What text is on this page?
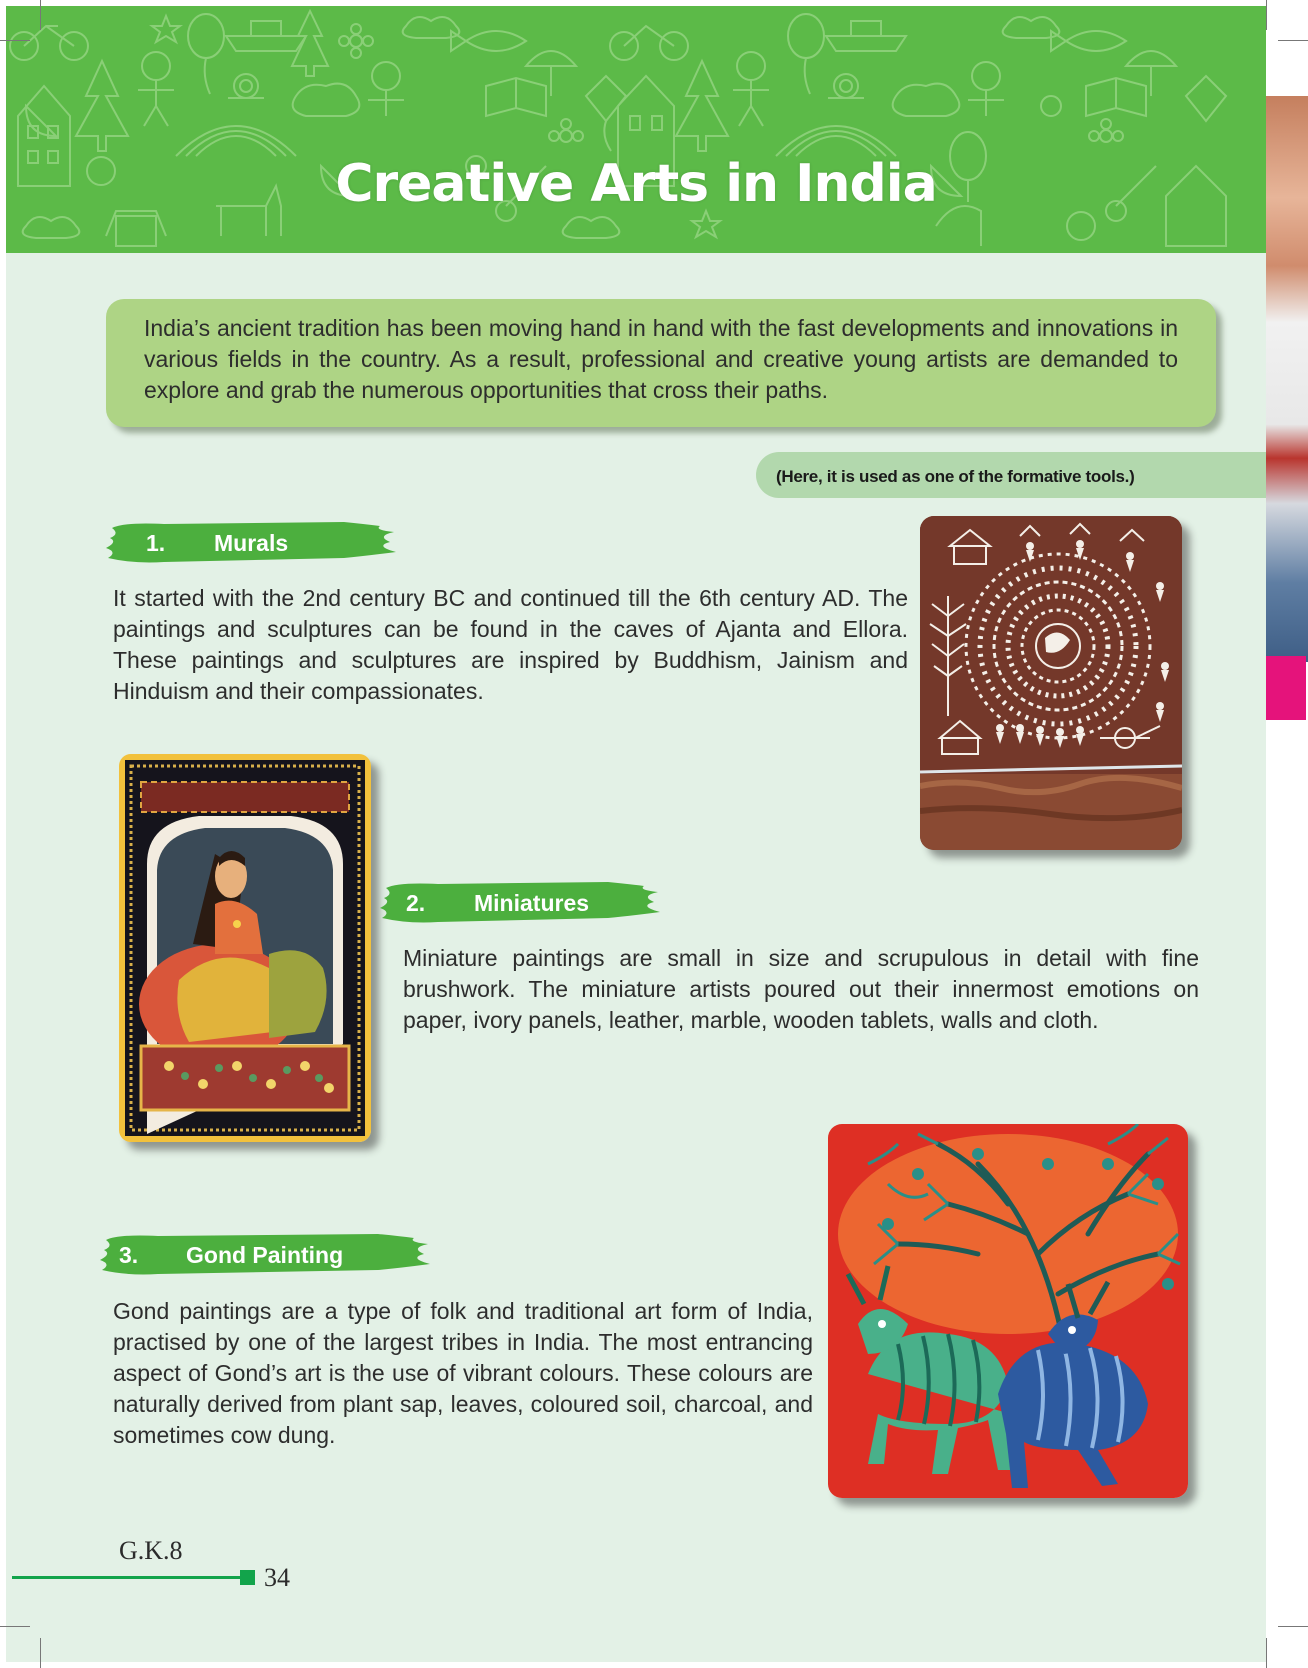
Creative Arts in India

India’s ancient tradition has been moving hand in hand with the fast developments and innovations in various fields in the country. As a result, professional and creative young artists are demanded to explore and grab the numerous opportunities that cross their paths.

(Here, it is used as one of the formative tools.)
1. Murals

It started with the 2nd century BC and continued till the 6th century AD. The paintings and sculptures can be found in the caves of Ajanta and Ellora. These paintings and sculptures are inspired by Buddhism, Jainism and Hinduism and their compassionates.

2. Miniatures

Miniature paintings are small in size and scrupulous in detail with fine brushwork. The miniature artists poured out their innermost emotions on paper, ivory panels, leather, marble, wooden tablets, walls and cloth.

3. Gond Painting

Gond paintings are a type of folk and traditional art form of India, practised by one of the largest tribes in India. The most entrancing aspect of Gond’s art is the use of vibrant colours. These colours are naturally derived from plant sap, leaves, coloured soil, charcoal, and sometimes cow dung.

G.K.8
34
